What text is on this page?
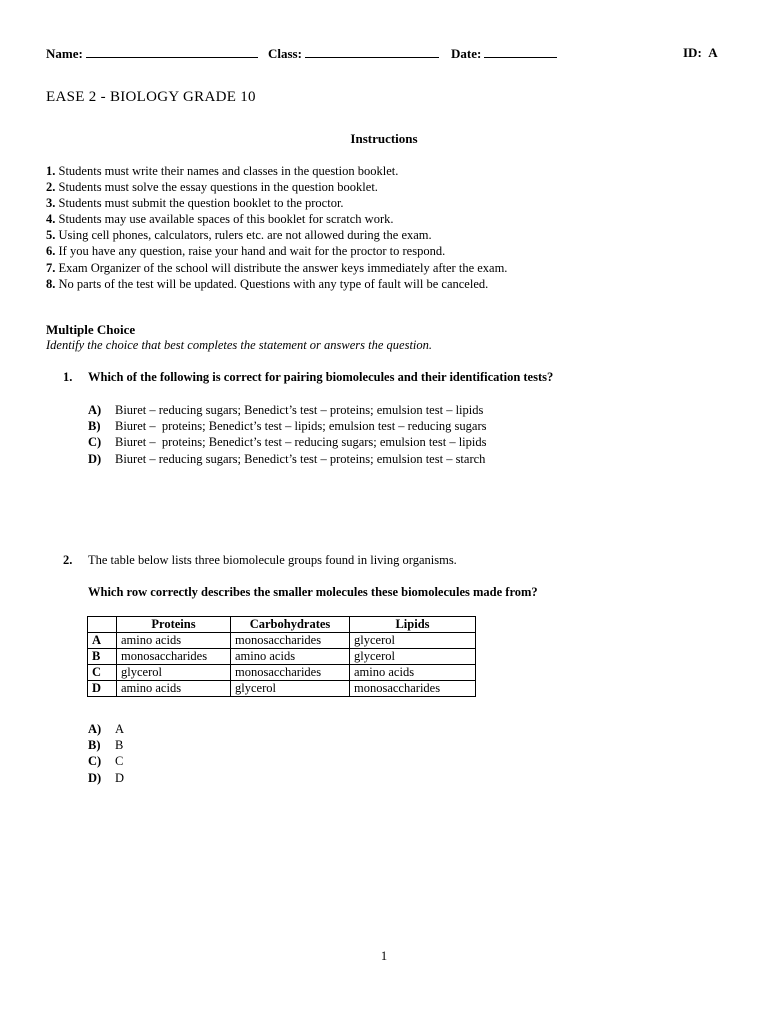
Name:	Class:	Date:	ID: A
EASE 2 - BIOLOGY GRADE 10
Instructions
1. Students must write their names and classes in the question booklet.
2. Students must solve the essay questions in the question booklet.
3. Students must submit the question booklet to the proctor.
4. Students may use available spaces of this booklet for scratch work.
5. Using cell phones, calculators, rulers etc. are not allowed during the exam.
6. If you have any question, raise your hand and wait for the proctor to respond.
7. Exam Organizer of the school will distribute the answer keys immediately after the exam.
8. No parts of the test will be updated. Questions with any type of fault will be canceled.
Multiple Choice
Identify the choice that best completes the statement or answers the question.
1. Which of the following is correct for pairing biomolecules and their identification tests?
A) Biuret – reducing sugars; Benedict’s test – proteins; emulsion test – lipids
B) Biuret –  proteins; Benedict’s test – lipids; emulsion test – reducing sugars
C) Biuret –  proteins; Benedict’s test – reducing sugars; emulsion test – lipids
D) Biuret – reducing sugars; Benedict’s test – proteins; emulsion test – starch
2. The table below lists three biomolecule groups found in living organisms.
Which row correctly describes the smaller molecules these biomolecules made from?
	Proteins	Carbohydrates	Lipids
A	amino acids	monosaccharides	glycerol
B	monosaccharides	amino acids	glycerol
C	glycerol	monosaccharides	amino acids
D	amino acids	glycerol	monosaccharides
A) A
B) B
C) C
D) D
1
